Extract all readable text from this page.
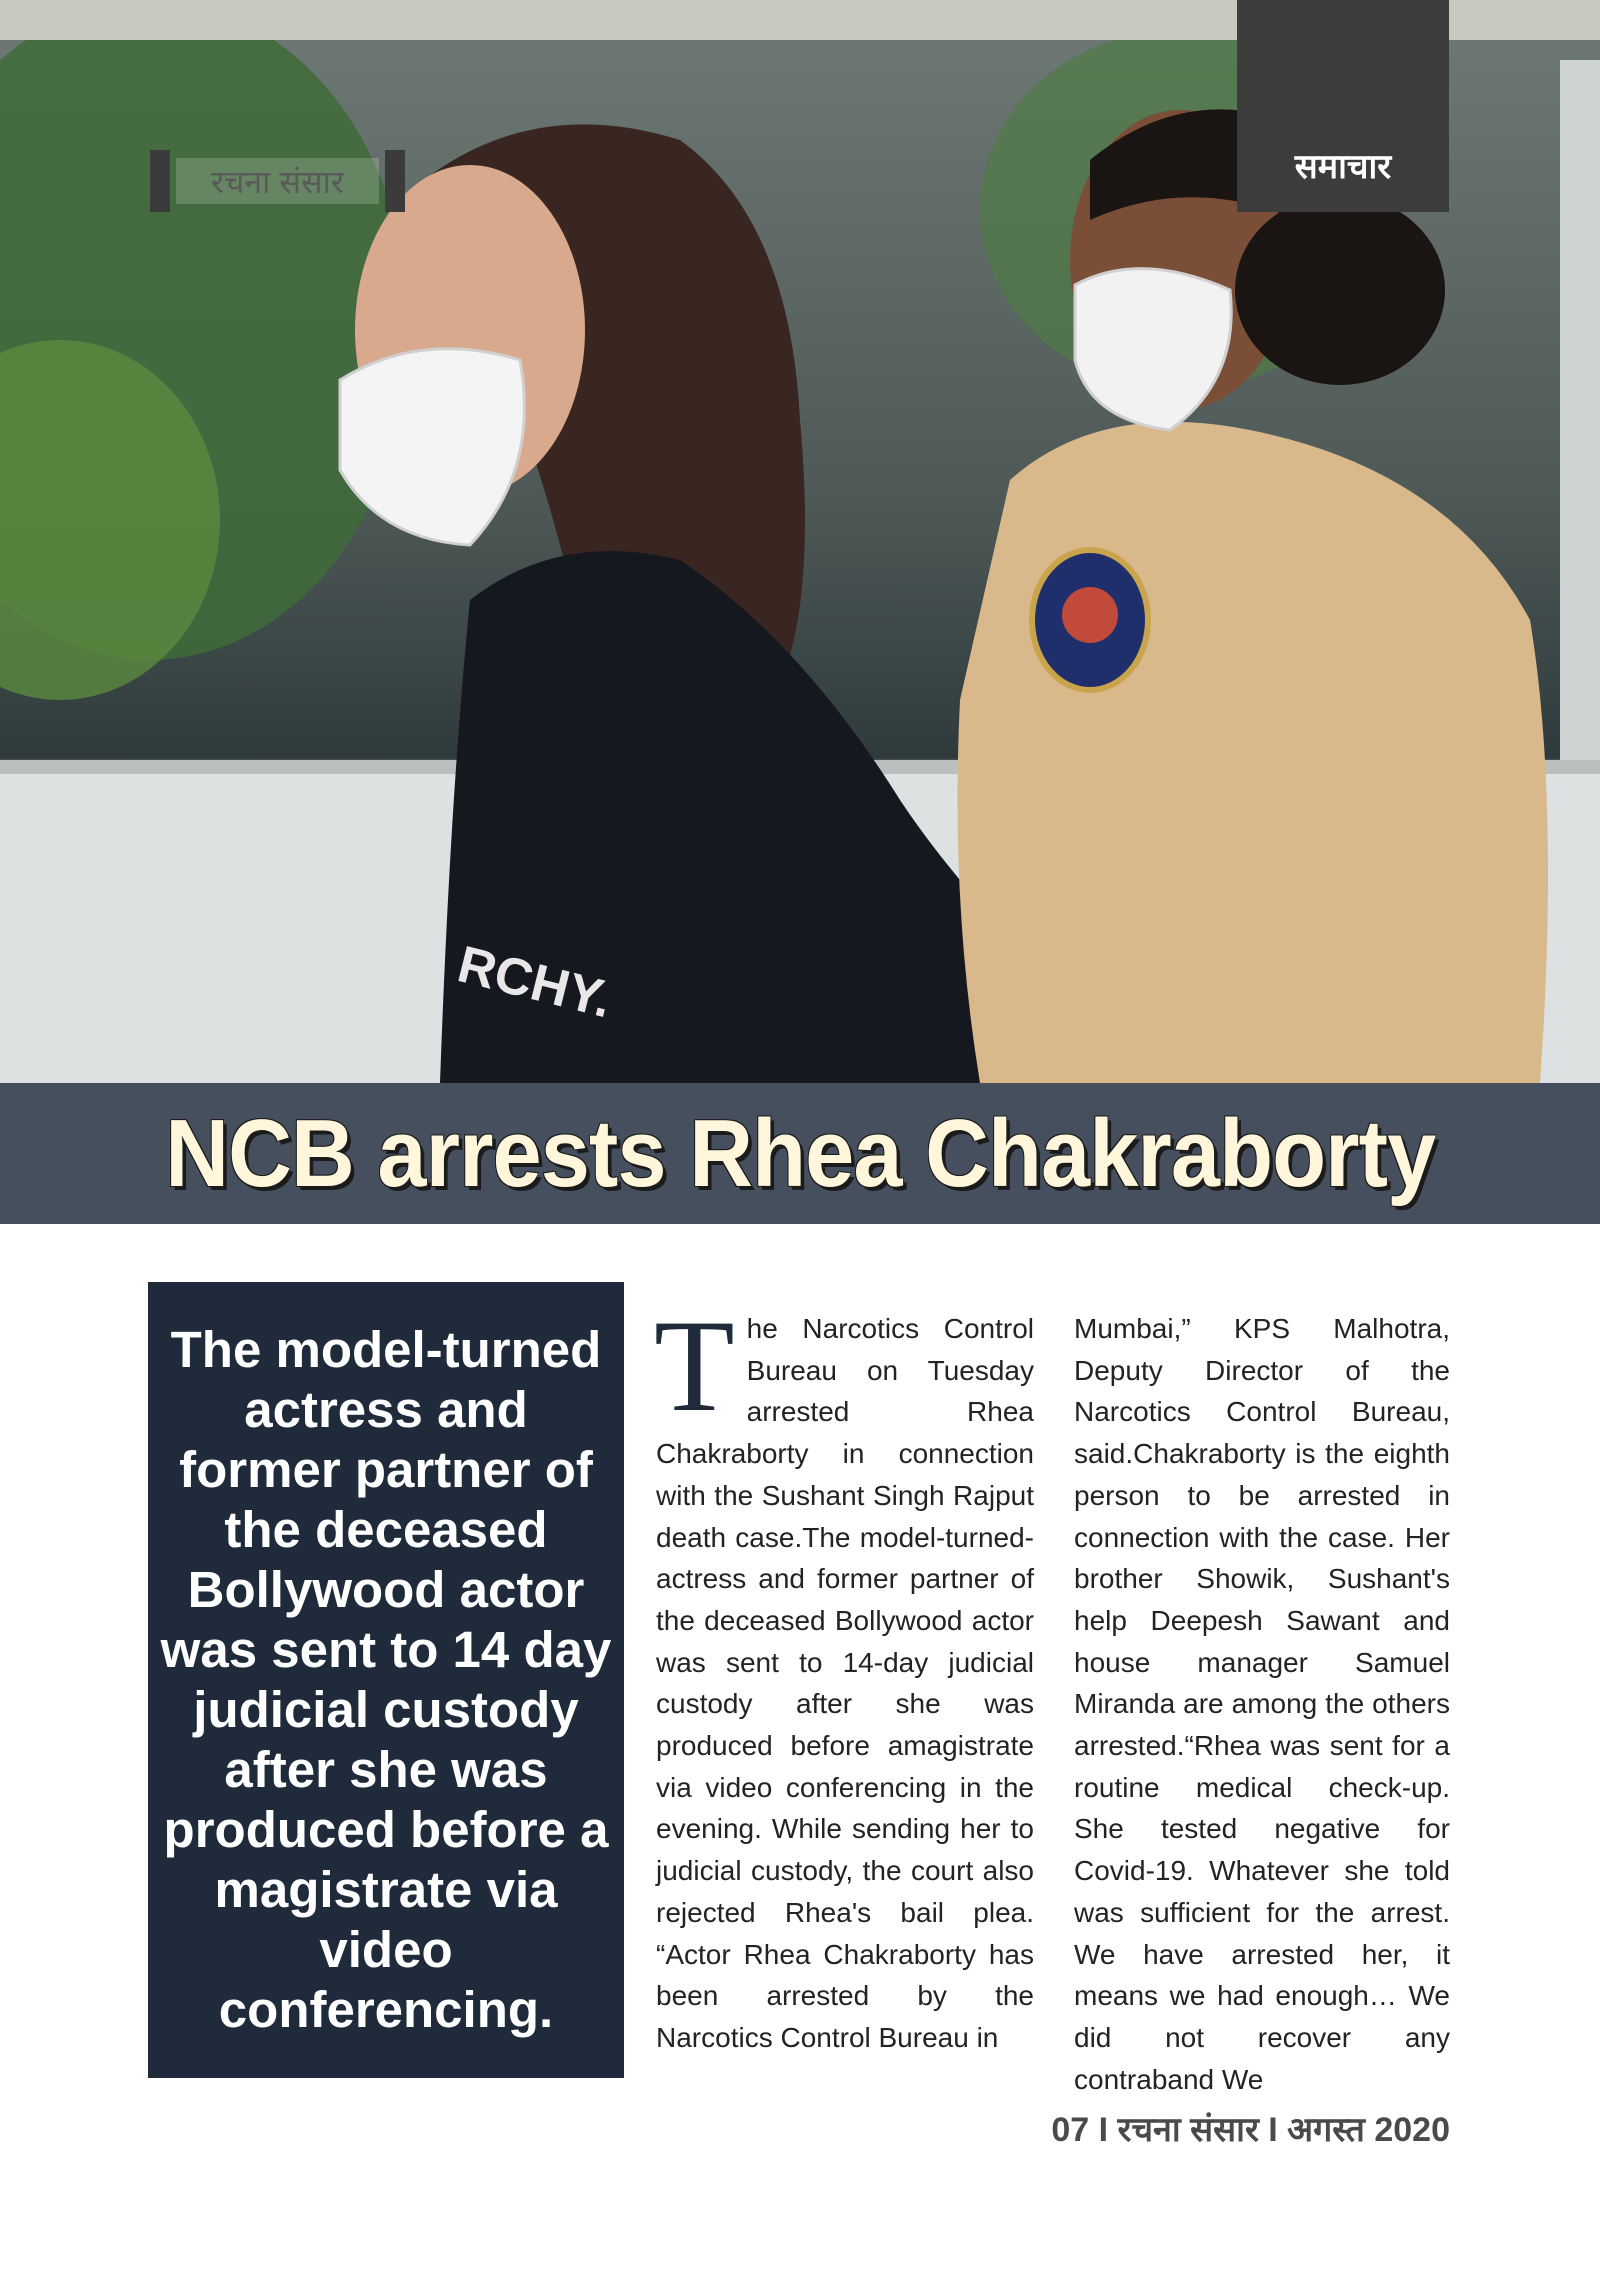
RCHY.
रचना संसार	समाचार
NCB arrests Rhea Chakraborty

The model-turned actress and former partner of the deceased Bollywood actor was sent to 14 day judicial custody after she was produced before a magistrate via video conferencing.

T he Narcotics Control Bureau on Tuesday arrested Rhea Chakraborty in connection with the Sushant Singh Rajput death case.The model-turned-actress and former partner of the deceased Bollywood actor was sent to 14-day judicial custody after she was produced before amagistrate via video conferencing in the evening. While sending her to judicial custody, the court also rejected Rhea's bail plea. “Actor Rhea Chakraborty has been arrested by the Narcotics Control Bureau in

Mumbai,” KPS Malhotra, Deputy Director of the Narcotics Control Bureau, said.Chakraborty is the eighth person to be arrested in connection with the case. Her brother Showik, Sushant's help Deepesh Sawant and house manager Samuel Miranda are among the others arrested.“Rhea was sent for a routine medical check-up. She tested negative for Covid-19. Whatever she told was sufficient for the arrest. We have arrested her, it means we had enough… We did not recover any contraband We

07 I रचना संसार I अगस्त 2020
